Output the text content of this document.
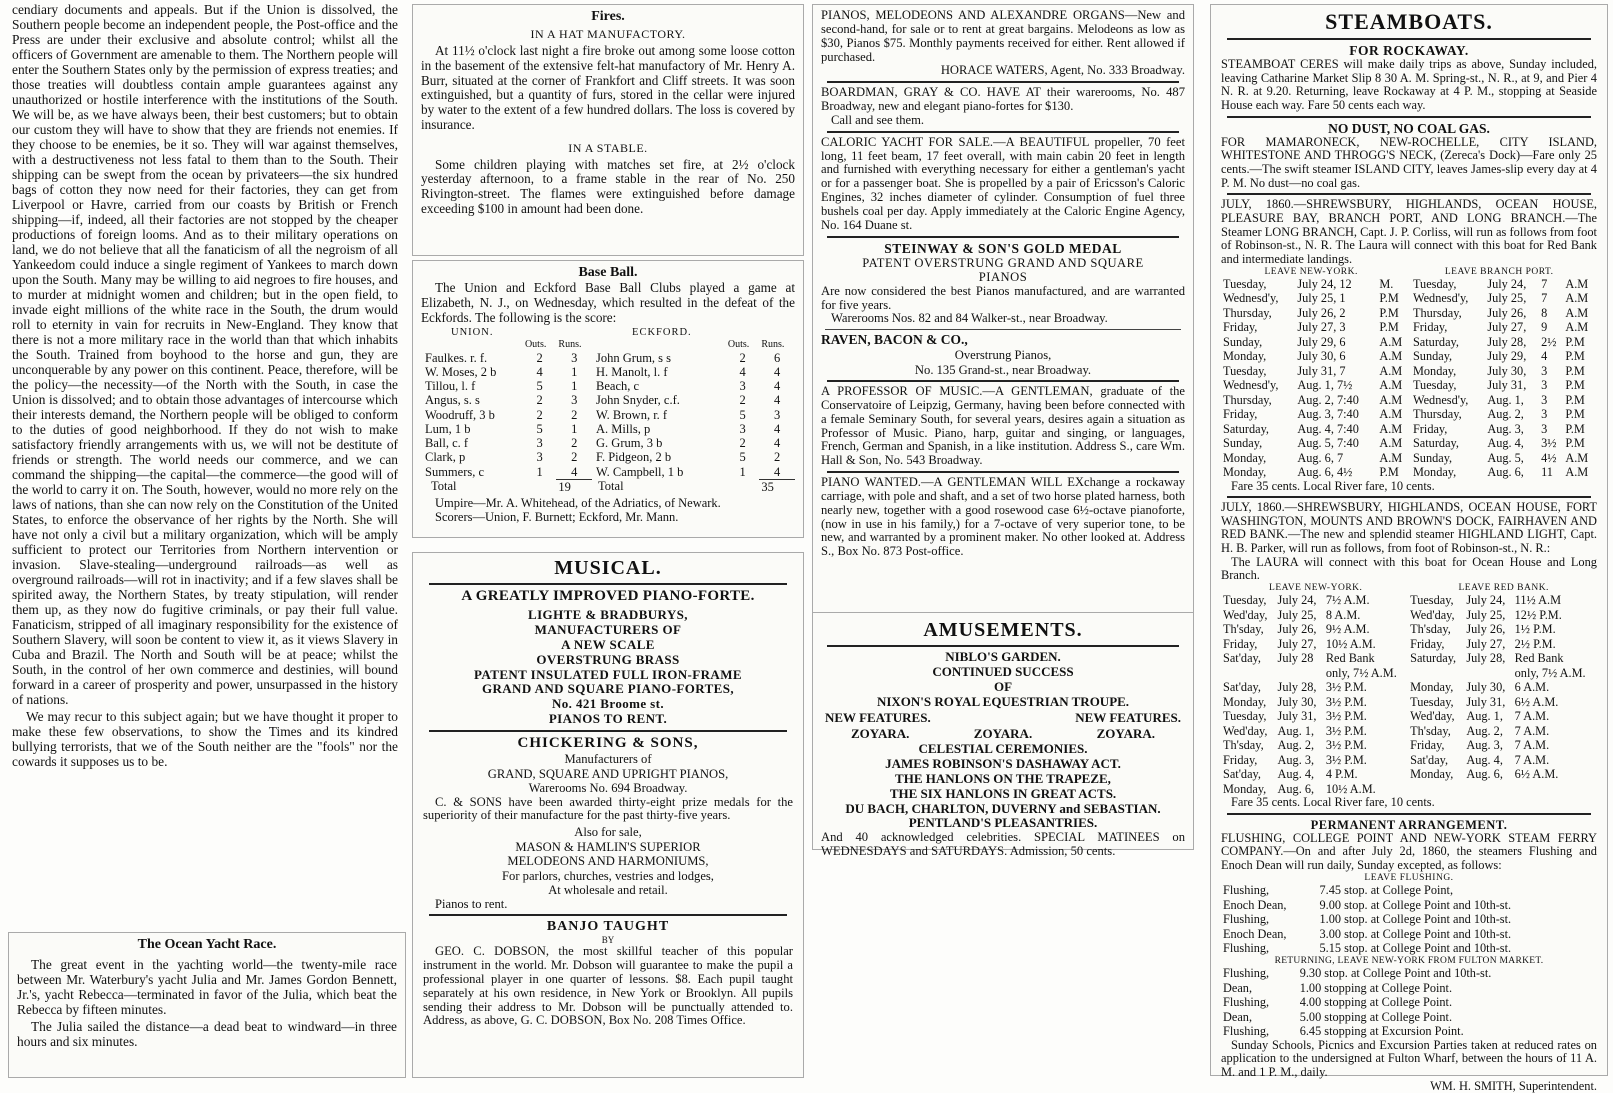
cendiary documents and appeals. But if the Union is dissolved, the Southern people become an independent people, the Post-office and the Press are under their exclusive and absolute control; whilst all the officers of Government are amenable to them. The Northern people will enter the Southern States only by the permission of express treaties; and those treaties will doubtless contain ample guarantees against any unauthorized or hostile interference with the institutions of the South. We will be, as we have always been, their best customers; but to obtain our custom they will have to show that they are friends not enemies. If they choose to be enemies, be it so. They will war against themselves, with a destructiveness not less fatal to them than to the South. Their shipping can be swept from the ocean by privateers—the six hundred bags of cotton they now need for their factories, they can get from Liverpool or Havre, carried from our coasts by British or French shipping—if, indeed, all their factories are not stopped by the cheaper productions of foreign looms. And as to their military operations on land, we do not believe that all the fanaticism of all the negroism of all Yankeedom could induce a single regiment of Yankees to march down upon the South. Many may be willing to aid negroes to fire houses, and to murder at midnight women and children; but in the open field, to invade eight millions of the white race in the South, the drum would roll to eternity in vain for recruits in New-England. They know that there is not a more military race in the world than that which inhabits the South. Trained from boyhood to the horse and gun, they are unconquerable by any power on this continent. Peace, therefore, will be the policy—the necessity—of the North with the South, in case the Union is dissolved; and to obtain those advantages of intercourse which their interests demand, the Northern people will be obliged to conform to the duties of good neighborhood. If they do not wish to make satisfactory friendly arrangements with us, we will not be destitute of friends or strength. The world needs our commerce, and we can command the shipping—the capital—the commerce—the good will of the world to carry it on. The South, however, would no more rely on the laws of nations, than she can now rely on the Constitution of the United States, to enforce the observance of her rights by the North. She will have not only a civil but a military organization, which will be amply sufficient to protect our Territories from Northern intervention or invasion. Slave-stealing—underground railroads—as well as overground railroads—will rot in inactivity; and if a few slaves shall be spirited away, the Northern States, by treaty stipulation, will render them up, as they now do fugitive criminals, or pay their full value. Fanaticism, stripped of all imaginary responsibility for the existence of Southern Slavery, will soon be content to view it, as it views Slavery in Cuba and Brazil. The North and South will be at peace; whilst the South, in the control of her own commerce and destinies, will bound forward in a career of prosperity and power, unsurpassed in the history of nations.

We may recur to this subject again; but we have thought it proper to make these few observations, to show the Times and its kindred bullying terrorists, that we of the South neither are the "fools" nor the cowards it supposes us to be.

The Ocean Yacht Race.

The great event in the yachting world—the twenty-mile race between Mr. Waterbury's yacht Julia and Mr. James Gordon Bennett, Jr.'s, yacht Rebecca—terminated in favor of the Julia, which beat the Rebecca by fifteen minutes.

The Julia sailed the distance—a dead beat to windward—in three hours and six minutes.

Fires.

IN A HAT MANUFACTORY.

At 11½ o'clock last night a fire broke out among some loose cotton in the basement of the extensive felt-hat manufactory of Mr. Henry A. Burr, situated at the corner of Frankfort and Cliff streets. It was soon extinguished, but a quantity of furs, stored in the cellar were injured by water to the extent of a few hundred dollars. The loss is covered by insurance.

IN A STABLE.

Some children playing with matches set fire, at 2½ o'clock yesterday afternoon, to a frame stable in the rear of No. 250 Rivington-street. The flames were extinguished before damage exceeding $100 in amount had been done.

Base Ball.

The Union and Eckford Base Ball Clubs played a game at Elizabeth, N. J., on Wednesday, which resulted in the defeat of the Eckfords. The following is the score:

UNION.			ECKFORD.		
	Outs.	Runs.		Outs.	Runs.
Faulkes. r. f.	2	3	John Grum, s s	2	6
W. Moses, 2 b	4	1	H. Manolt, l. f	4	4
Tillou, l. f	5	1	Beach, c	3	4
Angus, s. s	2	3	John Snyder, c.f.	2	4
Woodruff, 3 b	2	2	W. Brown, r. f	5	3
Lum, 1 b	5	1	A. Mills, p	3	4
Ball, c. f	3	2	G. Grum, 3 b	2	4
Clark, p	3	2	F. Pidgeon, 2 b	5	2
Summers, c	1	4	W. Campbell, 1 b	1	4
Total		19	Total		35

Umpire—Mr. A. Whitehead, of the Adriatics, of Newark.

Scorers—Union, F. Burnett; Eckford, Mr. Mann.

MUSICAL.

A GREATLY IMPROVED PIANO-FORTE.

LIGHTE & BRADBURYS,

MANUFACTURERS OF

A NEW SCALE

OVERSTRUNG BRASS

PATENT INSULATED FULL IRON-FRAME

GRAND AND SQUARE PIANO-FORTES,

No. 421 Broome st.

PIANOS TO RENT.

CHICKERING & SONS,

Manufacturers of

GRAND, SQUARE AND UPRIGHT PIANOS,

Warerooms No. 694 Broadway.

C. & SONS have been awarded thirty-eight prize medals for the superiority of their manufacture for the past thirty-five years.

Also for sale,

MASON & HAMLIN'S SUPERIOR

MELODEONS AND HARMONIUMS,

For parlors, churches, vestries and lodges,

At wholesale and retail.

Pianos to rent.

BANJO TAUGHT

BY

GEO. C. DOBSON, the most skillful teacher of this popular instrument in the world. Mr. Dobson will guarantee to make the pupil a professional player in one quarter of lessons. $8. Each pupil taught separately at his own residence, in New York or Brooklyn. All pupils sending their address to Mr. Dobson will be punctually attended to. Address, as above, G. C. DOBSON, Box No. 208 Times Office.

PIANOS, MELODEONS AND ALEXANDRE ORGANS—New and second-hand, for sale or to rent at great bargains. Melodeons as low as $30, Pianos $75. Monthly payments received for either. Rent allowed if purchased.

HORACE WATERS, Agent, No. 333 Broadway.

BOARDMAN, GRAY & CO. HAVE AT their warerooms, No. 487 Broadway, new and elegant piano-fortes for $130.

Call and see them.

CALORIC YACHT FOR SALE.—A BEAUTIFUL propeller, 70 feet long, 11 feet beam, 17 feet overall, with main cabin 20 feet in length and furnished with everything necessary for either a gentleman's yacht or for a passenger boat. She is propelled by a pair of Ericsson's Caloric Engines, 32 inches diameter of cylinder. Consumption of fuel three bushels coal per day. Apply immediately at the Caloric Engine Agency, No. 164 Duane st.

STEINWAY & SON'S GOLD MEDAL

PATENT OVERSTRUNG GRAND AND SQUARE

PIANOS

Are now considered the best Pianos manufactured, and are warranted for five years.

Warerooms Nos. 82 and 84 Walker-st., near Broadway.

RAVEN, BACON & CO.,

Overstrung Pianos,

No. 135 Grand-st., near Broadway.

A PROFESSOR OF MUSIC.—A GENTLEMAN, graduate of the Conservatoire of Leipzig, Germany, having been before connected with a female Seminary South, for several years, desires again a situation as Professor of Music. Piano, harp, guitar and singing, or languages, French, German and Spanish, in a like institution. Address S., care Wm. Hall & Son, No. 543 Broadway.

PIANO WANTED.—A GENTLEMAN WILL EXchange a rockaway carriage, with pole and shaft, and a set of two horse plated harness, both nearly new, together with a good rosewood case 6½-octave pianoforte, (now in use in his family,) for a 7-octave of very superior tone, to be new, and warranted by a prominent maker. No other looked at. Address S., Box No. 873 Post-office.

AMUSEMENTS.

NIBLO'S GARDEN.

CONTINUED SUCCESS

OF

NIXON'S ROYAL EQUESTRIAN TROUPE.

NEW FEATURES.	NEW FEATURES.
ZOYARA.	ZOYARA.	ZOYARA.

CELESTIAL CEREMONIES.

JAMES ROBINSON'S DASHAWAY ACT.

THE HANLONS ON THE TRAPEZE,

THE SIX HANLONS IN GREAT ACTS.

DU BACH, CHARLTON, DUVERNY and SEBASTIAN.

PENTLAND'S PLEASANTRIES.

And 40 acknowledged celebrities. SPECIAL MATINEES on WEDNESDAYS and SATURDAYS. Admission, 50 cents.

STEAMBOATS.

FOR ROCKAWAY.

STEAMBOAT CERES will make daily trips as above, Sunday included, leaving Catharine Market Slip 8 30 A. M. Spring-st., N. R., at 9, and Pier 4 N. R. at 9.20. Returning, leave Rockaway at 4 P. M., stopping at Seaside House each way. Fare 50 cents each way.

NO DUST, NO COAL GAS.

FOR MAMARONECK, NEW-ROCHELLE, CITY ISLAND, WHITESTONE AND THROGG'S NECK, (Zereca's Dock)—Fare only 25 cents.—The swift steamer ISLAND CITY, leaves James-slip every day at 4 P. M. No dust—no coal gas.

JULY, 1860.—SHREWSBURY, HIGHLANDS, OCEAN HOUSE, PLEASURE BAY, BRANCH PORT, AND LONG BRANCH.—The Steamer LONG BRANCH, Capt. J. P. Corliss, will run as follows from foot of Robinson-st., N. R. The Laura will connect with this boat for Red Bank and intermediate landings.

LEAVE NEW-YORK.	LEAVE BRANCH PORT.
Tuesday,	July 24, 12	M.	Tuesday,	July 24,	7	A.M
Wednesd'y,	July 25, 1	P.M	Wednesd'y,	July 25,	7	A.M
Thursday,	July 26, 2	P.M	Thursday,	July 26,	8	A.M
Friday,	July 27, 3	P.M	Friday,	July 27,	9	A.M
Sunday,	July 29, 6	A.M	Saturday,	July 28,	2½	P.M
Monday,	July 30, 6	A.M	Sunday,	July 29,	4	P.M
Tuesday,	July 31, 7	A.M	Monday,	July 30,	3	P.M
Wednesd'y,	Aug. 1, 7½	A.M	Tuesday,	July 31,	3	P.M
Thursday,	Aug. 2, 7:40	A.M	Wednesd'y,	Aug. 1,	3	P.M
Friday,	Aug. 3, 7:40	A.M	Thursday,	Aug. 2,	3	P.M
Saturday,	Aug. 4, 7:40	A.M	Friday,	Aug. 3,	3	P.M
Sunday,	Aug. 5, 7:40	A.M	Saturday,	Aug. 4,	3½	P.M
Monday,	Aug. 6, 7	A.M	Sunday,	Aug. 5,	4½	A.M
Monday,	Aug. 6, 4½	P.M	Monday,	Aug. 6,	11	A.M

Fare 35 cents. Local River fare, 10 cents.

JULY, 1860.—SHREWSBURY, HIGHLANDS, OCEAN HOUSE, FORT WASHINGTON, MOUNTS AND BROWN'S DOCK, FAIRHAVEN AND RED BANK.—The new and splendid steamer HIGHLAND LIGHT, Capt. H. B. Parker, will run as follows, from foot of Robinson-st., N. R.:

The LAURA will connect with this boat for Ocean House and Long Branch.

LEAVE NEW-YORK.	LEAVE RED BANK.
Tuesday,	July 24,	7½ A.M.	Tuesday,	July 24,	11½ A.M
Wed'day,	July 25,	8 A.M.	Wed'day,	July 25,	12½ P.M.
Th'sday,	July 26,	9½ A.M.	Th'sday,	July 26,	1½ P.M.
Friday,	July 27,	10½ A.M.	Friday,	July 27,	2½ P.M.
Sat'day,	July 28	Red Bank	Saturday,	July 28,	Red Bank
		only, 7½ A.M.			only, 7½ A.M.
Sat'day,	July 28,	3½ P.M.	Monday,	July 30,	6 A.M.
Monday,	July 30,	3½ P.M.	Tuesday,	July 31,	6½ A.M.
Tuesday,	July 31,	3½ P.M.	Wed'day,	Aug. 1,	7 A.M.
Wed'day,	Aug. 1,	3½ P.M.	Th'sday,	Aug. 2,	7 A.M.
Th'sday,	Aug. 2,	3½ P.M.	Friday,	Aug. 3,	7 A.M.
Friday,	Aug. 3,	3½ P.M.	Sat'day,	Aug. 4,	7 A.M.
Sat'day,	Aug. 4,	4 P.M.	Monday,	Aug. 6,	6½ A.M.
Monday,	Aug. 6,	10½ A.M.			

Fare 35 cents. Local River fare, 10 cents.

PERMANENT ARRANGEMENT.

FLUSHING, COLLEGE POINT AND NEW-YORK STEAM FERRY COMPANY.—On and after July 2d, 1860, the steamers Flushing and Enoch Dean will run daily, Sunday excepted, as follows:

LEAVE FLUSHING.

Flushing,	7.45 stop. at College Point,
Enoch Dean,	9.00 stop. at College Point and 10th-st.
Flushing,	1.00 stop. at College Point and 10th-st.
Enoch Dean,	3.00 stop. at College Point and 10th-st.
Flushing,	5.15 stop. at College Point and 10th-st.

RETURNING, LEAVE NEW-YORK FROM FULTON MARKET.

Flushing,	9.30 stop. at College Point and 10th-st.
Dean,	1.00 stopping at College Point.
Flushing,	4.00 stopping at College Point.
Dean,	5.00 stopping at College Point.
Flushing,	6.45 stopping at Excursion Point.

Sunday Schools, Picnics and Excursion Parties taken at reduced rates on application to the undersigned at Fulton Wharf, between the hours of 11 A. M. and 1 P. M., daily.

WM. H. SMITH, Superintendent.
